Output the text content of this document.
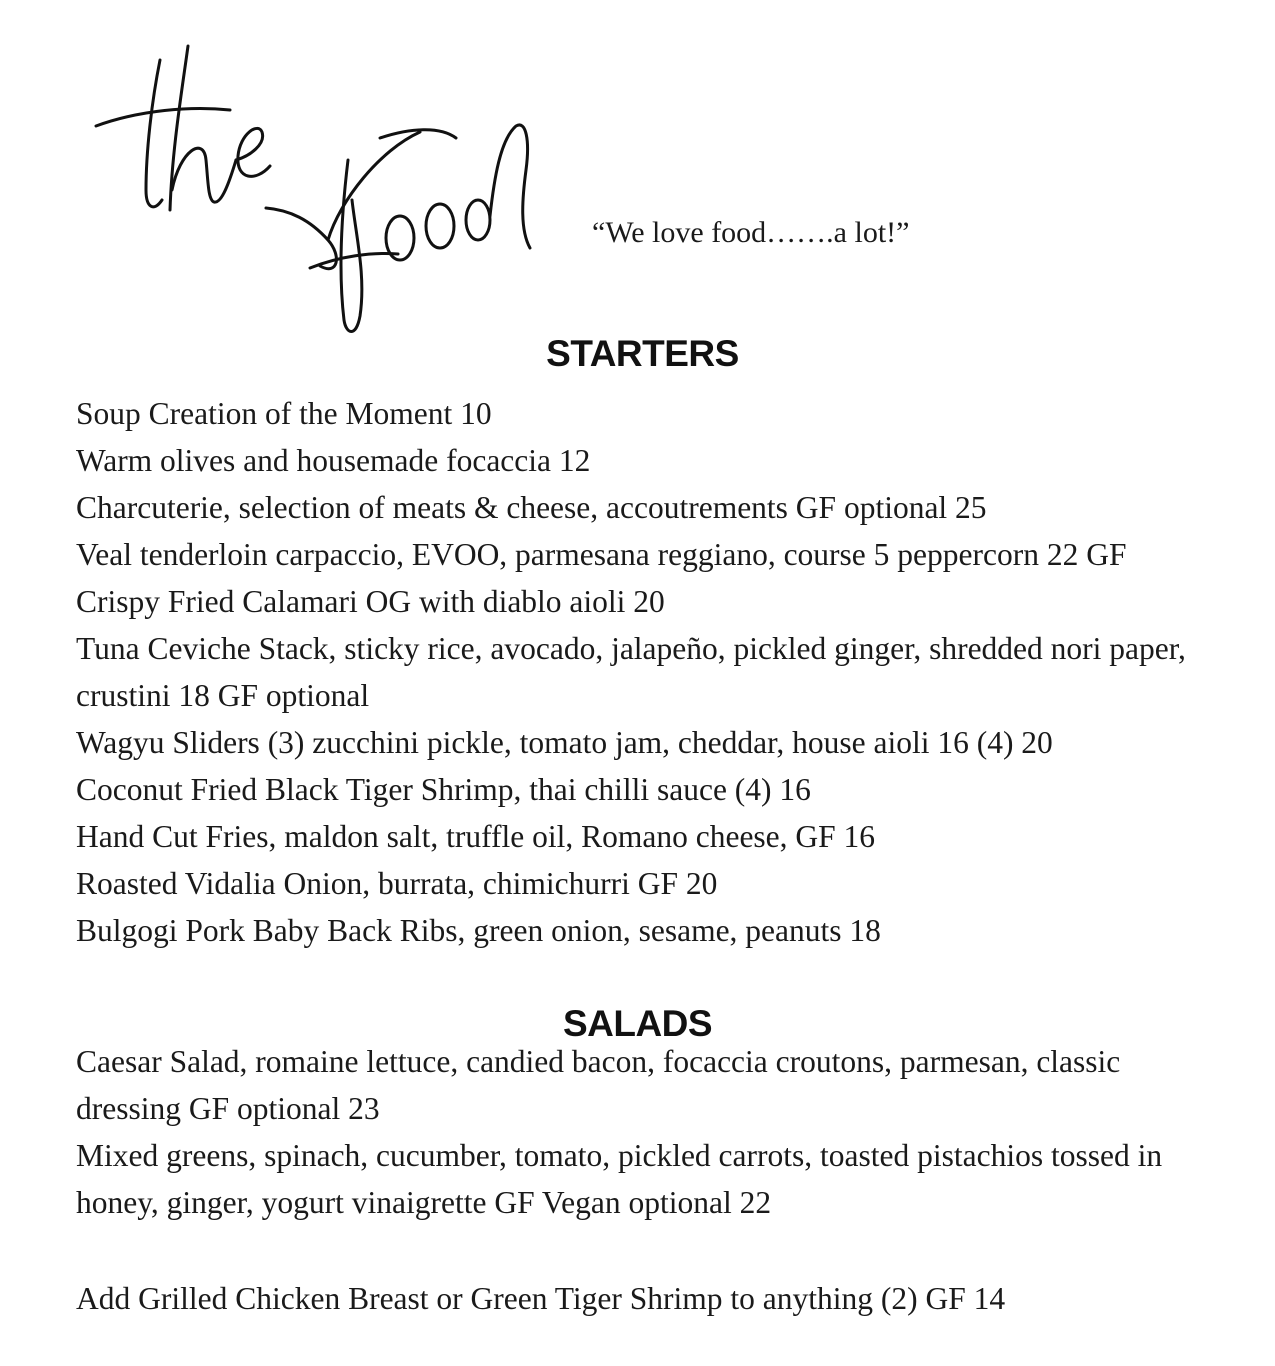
“We love food…….a lot!”
STARTERS
Soup Creation of the Moment 10
Warm olives and housemade focaccia 12
Charcuterie, selection of meats & cheese, accoutrements GF optional 25
Veal tenderloin carpaccio, EVOO, parmesana reggiano, course 5 peppercorn 22 GF
Crispy Fried Calamari OG with diablo aioli 20
Tuna Ceviche Stack, sticky rice, avocado, jalapeño, pickled ginger, shredded nori paper, crustini 18 GF optional
Wagyu Sliders (3) zucchini pickle, tomato jam, cheddar, house aioli 16 (4) 20
Coconut Fried Black Tiger Shrimp, thai chilli sauce (4) 16
Hand Cut Fries, maldon salt, truffle oil, Romano cheese, GF 16
Roasted Vidalia Onion, burrata, chimichurri GF 20
Bulgogi Pork Baby Back Ribs, green onion, sesame, peanuts 18
SALADS
Caesar Salad, romaine lettuce, candied bacon, focaccia croutons, parmesan, classic dressing GF optional 23
Mixed greens, spinach, cucumber, tomato, pickled carrots, toasted pistachios tossed in honey, ginger, yogurt vinaigrette GF Vegan optional 22
Add Grilled Chicken Breast or Green Tiger Shrimp to anything (2) GF 14
